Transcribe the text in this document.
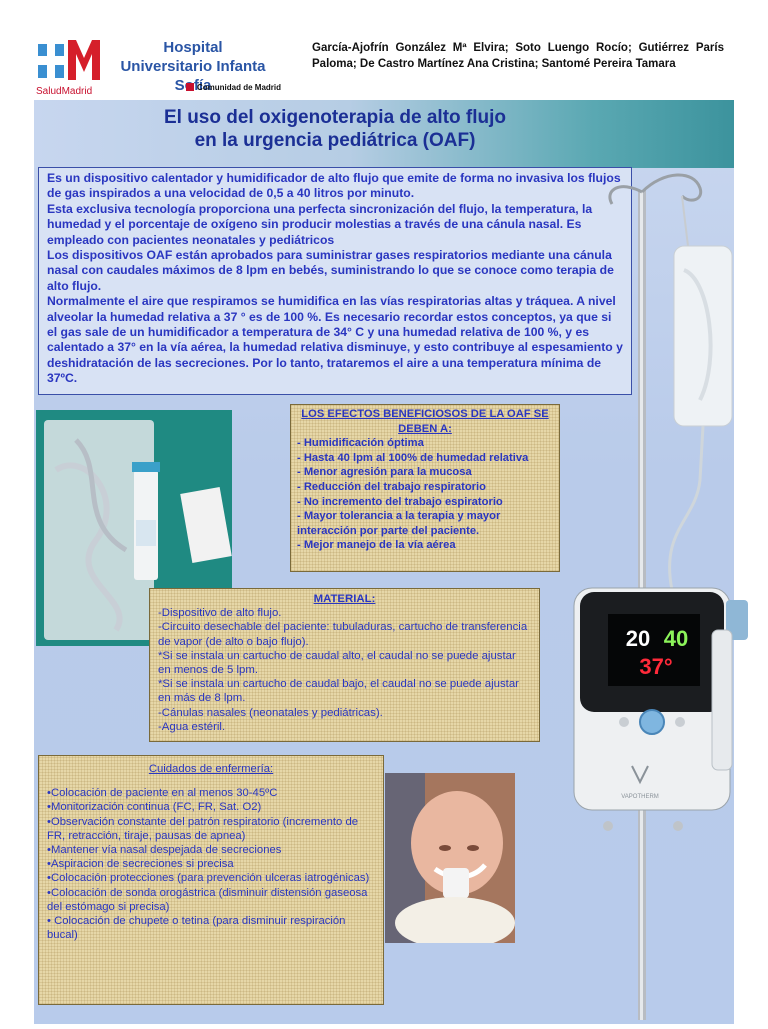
SaludMadrid
Hospital Universitario Infanta Sofía
Comunidad de Madrid
García-Ajofrín González Mª Elvira; Soto Luengo Rocío; Gutiérrez París Paloma; De Castro Martínez Ana Cristina; Santomé Pereira Tamara
El uso del oxigenoterapia de alto flujo
en la urgencia pediátrica (OAF)

Es un dispositivo calentador y humidificador de alto flujo que emite de forma no invasiva los flujos de gas inspirados a una velocidad de 0,5 a 40 litros por minuto.

Esta exclusiva tecnología proporciona una perfecta sincronización del flujo, la temperatura, la humedad y el porcentaje de oxígeno sin producir molestias a través de una cánula nasal. Es empleado con pacientes neonatales y pediátricos

Los dispositivos OAF están aprobados para suministrar gases respiratorios mediante una cánula nasal con caudales máximos de 8 lpm en bebés, suministrando lo que se conoce como terapia de alto flujo.

Normalmente el aire que respiramos se humidifica en las vías respiratorias altas y tráquea. A nivel alveolar la humedad relativa a 37 ° es de 100 %. Es necesario recordar estos conceptos, ya que si el gas sale de un humidificador a temperatura de 34° C y una humedad relativa de 100 %, y es calentado a 37° en la vía aérea, la humedad relativa disminuye, y esto contribuye al espesamiento y deshidratación de las secreciones. Por lo tanto, trataremos el aire a una temperatura mínima de 37ºC.

LOS EFECTOS BENEFICIOSOS DE LA OAF SE DEBEN A:
- Humidificación óptima
- Hasta 40 lpm al 100% de humedad relativa
- Menor agresión para la mucosa
- Reducción del trabajo respiratorio
- No incremento del trabajo espiratorio
- Mayor tolerancia a la terapia y mayor interacción por parte del paciente.
- Mejor manejo de la vía aérea
MATERIAL:
-Dispositivo de alto flujo.
-Circuito desechable del paciente: tubuladuras, cartucho de transferencia de vapor (de alto o bajo flujo).
*Si se instala un cartucho de caudal alto, el caudal no se puede ajustar en menos de 5 lpm.
*Si se instala un cartucho de caudal bajo, el caudal no se puede ajustar en más de 8 lpm.
-Cánulas nasales (neonatales y pediátricas).
-Agua estéril.
Cuidados de enfermería:
•Colocación de paciente en al menos 30-45ºC
•Monitorización continua (FC, FR, Sat. O2)
•Observación constante del patrón respiratorio (incremento de FR, retracción, tiraje, pausas de apnea)
•Mantener vía nasal despejada de secreciones
•Aspiracion de secreciones si precisa
•Colocación protecciones (para prevención ulceras iatrogénicas)
•Colocación de sonda orogástrica (disminuir distensión gaseosa del estómago si precisa)
• Colocación de chupete o tetina (para disminuir respiración bucal)
20 40
37°
VAPOTHERM
